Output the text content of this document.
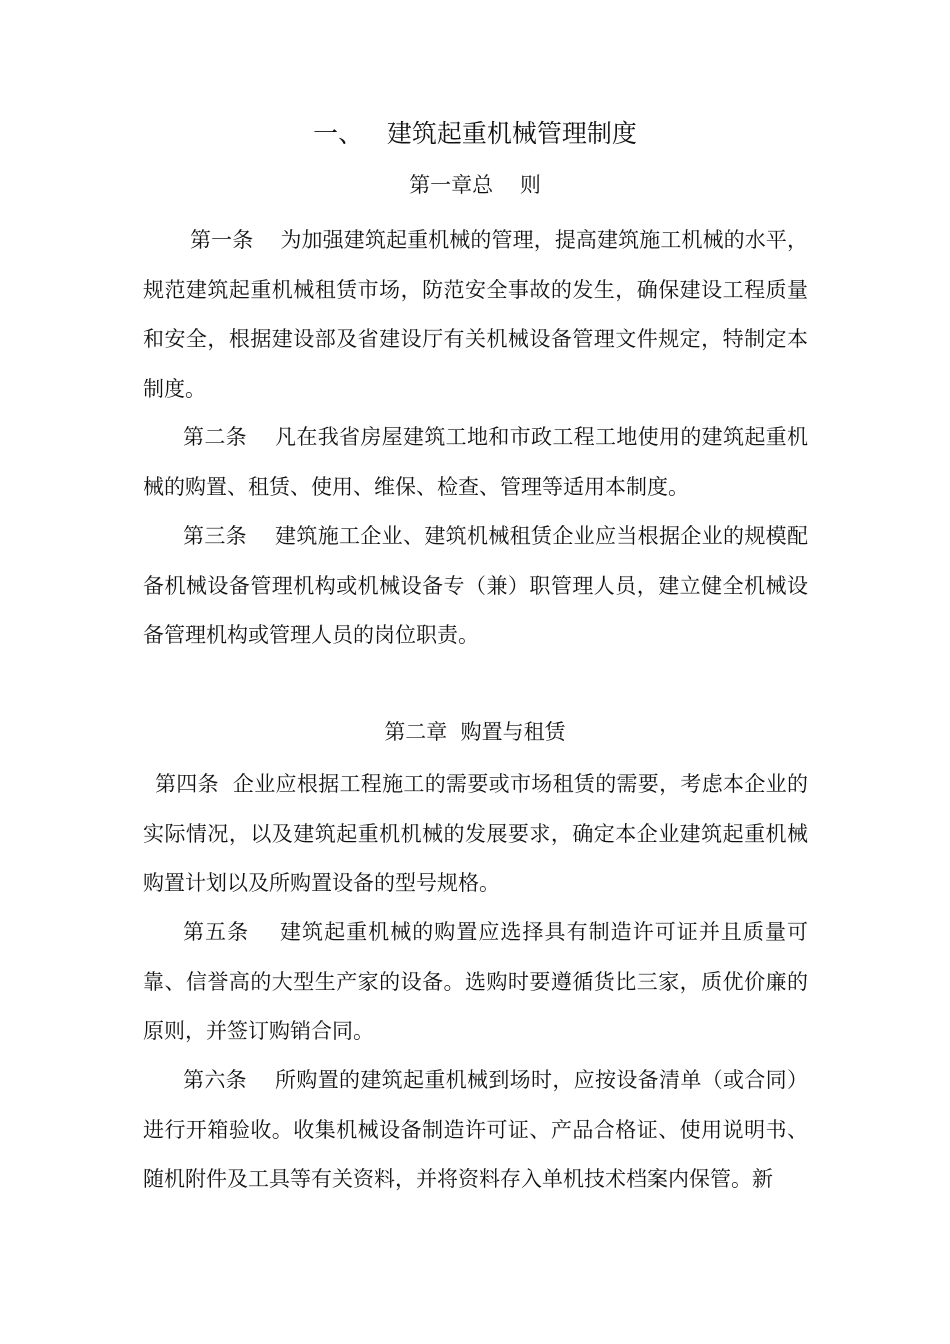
一、   建筑起重机械管理制度
第一章总    则
第一条    为加强建筑起重机械的管理，提高建筑施工机械的水平，规范建筑起重机械租赁市场，防范安全事故的发生，确保建设工程质量和安全，根据建设部及省建设厅有关机械设备管理文件规定，特制定本制度。
第二条    凡在我省房屋建筑工地和市政工程工地使用的建筑起重机械的购置、租赁、使用、维保、检查、管理等适用本制度。
第三条    建筑施工企业、建筑机械租赁企业应当根据企业的规模配备机械设备管理机构或机械设备专（兼）职管理人员，建立健全机械设备管理机构或管理人员的岗位职责。
第二章  购置与租赁
第四条  企业应根据工程施工的需要或市场租赁的需要，考虑本企业的实际情况，以及建筑起重机机械的发展要求，确定本企业建筑起重机械购置计划以及所购置设备的型号规格。
第五条    建筑起重机械的购置应选择具有制造许可证并且质量可靠、信誉高的大型生产家的设备。选购时要遵循货比三家，质优价廉的原则，并签订购销合同。
第六条    所购置的建筑起重机械到场时，应按设备清单（或合同）进行开箱验收。收集机械设备制造许可证、产品合格证、使用说明书、随机附件及工具等有关资料，并将资料存入单机技术档案内保管。新
